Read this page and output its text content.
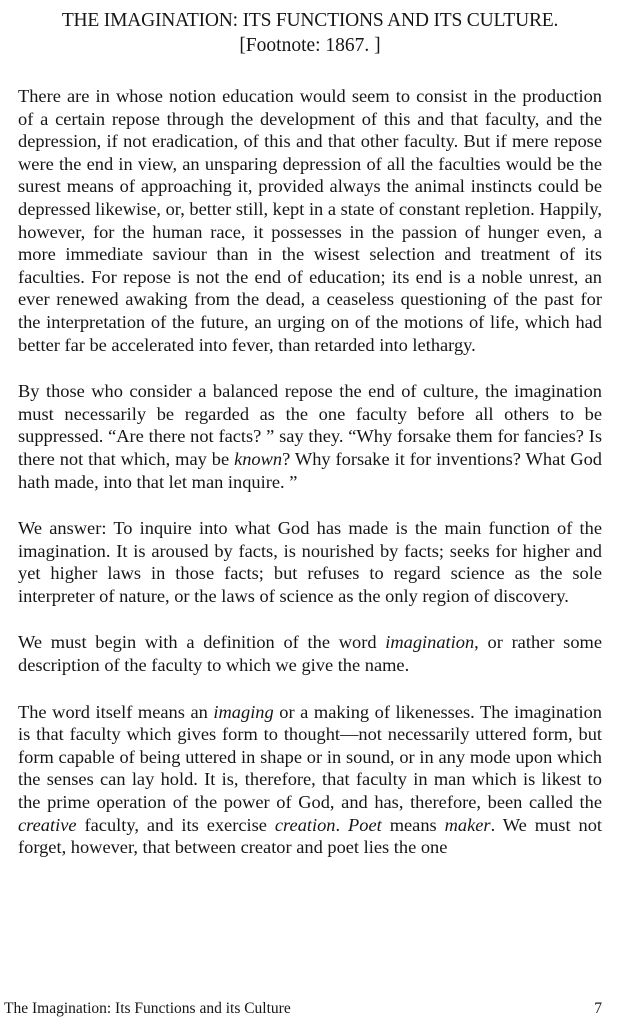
THE IMAGINATION: ITS FUNCTIONS AND ITS CULTURE.
[Footnote: 1867. ]

There are in whose notion education would seem to consist in the production of a certain repose through the development of this and that faculty, and the depression, if not eradication, of this and that other faculty. But if mere repose were the end in view, an unsparing depression of all the faculties would be the surest means of approaching it, provided always the animal instincts could be depressed likewise, or, better still, kept in a state of constant repletion. Happily, however, for the human race, it possesses in the passion of hunger even, a more immediate saviour than in the wisest selection and treatment of its faculties. For repose is not the end of education; its end is a noble unrest, an ever renewed awaking from the dead, a ceaseless questioning of the past for the interpretation of the future, an urging on of the motions of life, which had better far be accelerated into fever, than retarded into lethargy.

By those who consider a balanced repose the end of culture, the imagination must necessarily be regarded as the one faculty before all others to be suppressed. “Are there not facts? ” say they. “Why forsake them for fancies? Is there not that which, may be known? Why forsake it for inventions? What God hath made, into that let man inquire. ”

We answer: To inquire into what God has made is the main function of the imagination. It is aroused by facts, is nourished by facts; seeks for higher and yet higher laws in those facts; but refuses to regard science as the sole interpreter of nature, or the laws of science as the only region of discovery.

We must begin with a definition of the word imagination, or rather some description of the faculty to which we give the name.

The word itself means an imaging or a making of likenesses. The imagination is that faculty which gives form to thought—not necessarily uttered form, but form capable of being uttered in shape or in sound, or in any mode upon which the senses can lay hold. It is, therefore, that faculty in man which is likest to the prime operation of the power of God, and has, therefore, been called the creative faculty, and its exercise creation. Poet means maker. We must not forget, however, that between creator and poet lies the one

The Imagination: Its Functions and its Culture	7
